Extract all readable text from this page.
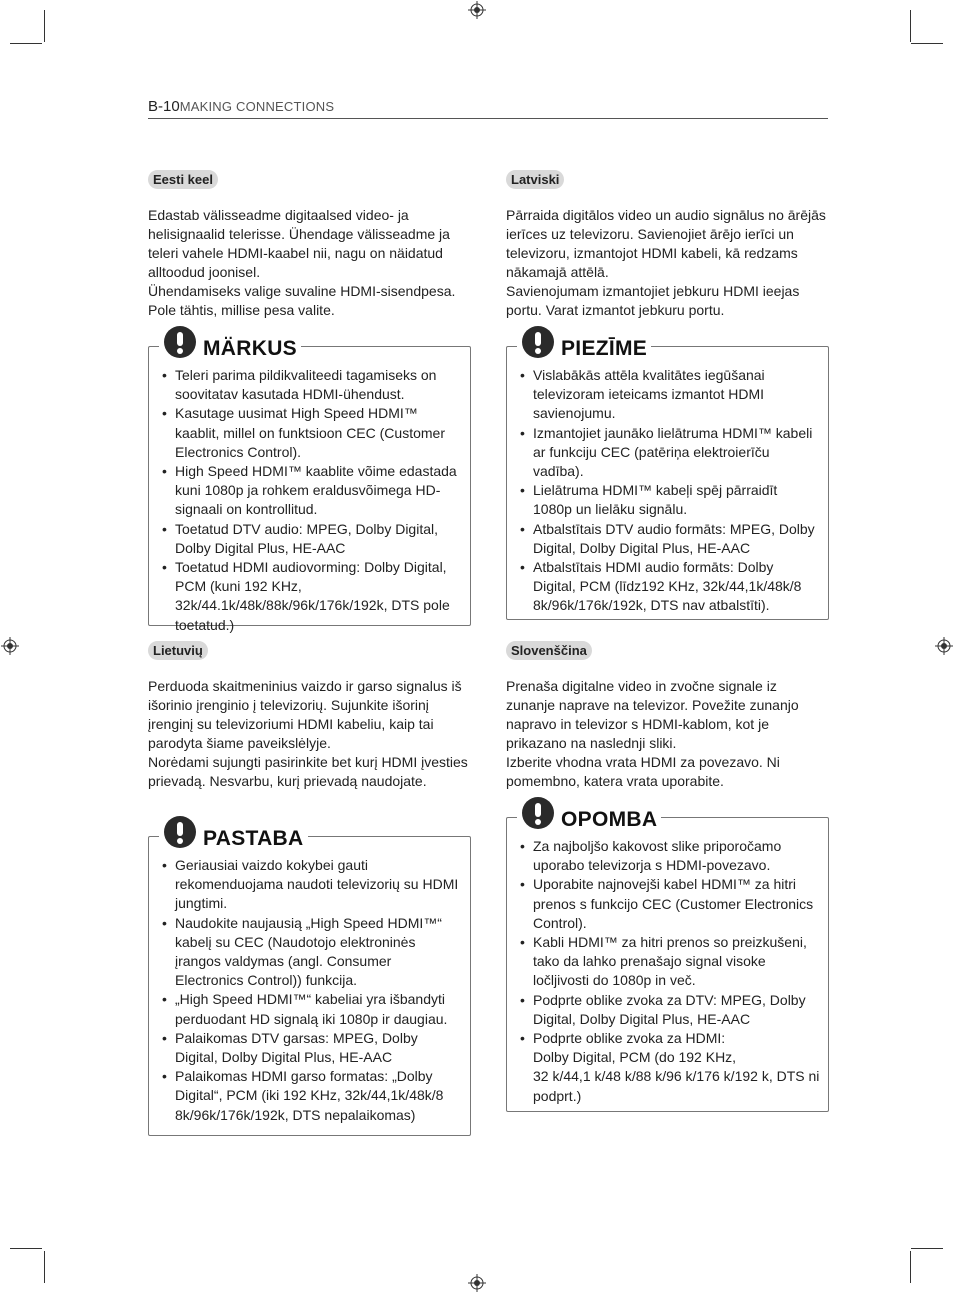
B-10MAKING CONNECTIONS
Eesti keel

Edastab välisseadme digitaalsed video- ja helisignaalid telerisse. Ühendage välisseadme ja teleri vahele HDMI-kaabel nii, nagu on näidatud alltoodud joonisel.
Ühendamiseks valige suvaline HDMI-sisendpesa. Pole tähtis, millise pesa valite.

MÄRKUS
• Teleri parima pildikvaliteedi tagamiseks on soovitatav kasutada HDMI-ühendust.
• Kasutage uusimat High Speed HDMI™ kaablit, millel on funktsioon CEC (Customer Electronics Control).
• High Speed HDMI™ kaablite võime edastada kuni 1080p ja rohkem eraldusvõimega HD-signaali on kontrollitud.
• Toetatud DTV audio: MPEG, Dolby Digital, Dolby Digital Plus, HE-AAC
• Toetatud HDMI audiovorming: Dolby Digital, PCM (kuni 192 KHz, 32k/44.1k/48k/88k/96k/176k/192k, DTS pole toetatud.)
Latviski

Pārraida digitālos video un audio signālus no ārējās ierīces uz televizoru. Savienojiet ārējo ierīci un televizoru, izmantojot HDMI kabeli, kā redzams nākamajā attēlā.
Savienojumam izmantojiet jebkuru HDMI ieejas portu. Varat izmantot jebkuru portu.

PIEZĪME
• Vislabākās attēla kvalitātes iegūšanai televizoram ieteicams izmantot HDMI savienojumu.
• Izmantojiet jaunāko lielātruma HDMI™ kabeli ar funkciju CEC (patēriņa elektroierīču vadība).
• Lielātruma HDMI™ kabeļi spēj pārraidīt 1080p un lielāku signālu.
• Atbalstītais DTV audio formāts: MPEG, Dolby Digital, Dolby Digital Plus, HE-AAC
• Atbalstītais HDMI audio formāts: Dolby Digital, PCM (līdz192 KHz, 32k/44,1k/48k/8 8k/96k/176k/192k, DTS nav atbalstīti).
Lietuvių

Perduoda skaitmeninius vaizdo ir garso signalus iš išorinio įrenginio į televizorių. Sujunkite išorinį įrenginį su televizoriumi HDMI kabeliu, kaip tai parodyta šiame paveikslėlyje.
Norėdami sujungti pasirinkite bet kurį HDMI įvesties prievadą. Nesvarbu, kurį prievadą naudojate.

PASTABA
• Geriausiai vaizdo kokybei gauti rekomenduojama naudoti televizorių su HDMI jungtimi.
• Naudokite naujausią „High Speed HDMI™“ kabelį su CEC (Naudotojo elektroninės įrangos valdymas (angl. Consumer Electronics Control)) funkcija.
• „High Speed HDMI™“ kabeliai yra išbandyti perduodant HD signalą iki 1080p ir daugiau.
• Palaikomas DTV garsas: MPEG, Dolby Digital, Dolby Digital Plus, HE-AAC
• Palaikomas HDMI garso formatas: „Dolby Digital“, PCM (iki 192 KHz, 32k/44,1k/48k/8 8k/96k/176k/192k, DTS nepalaikomas)
Slovenščina

Prenaša digitalne video in zvočne signale iz zunanje naprave na televizor. Povežite zunanjo napravo in televizor s HDMI-kablom, kot je prikazano na naslednji sliki.
Izberite vhodna vrata HDMI za povezavo. Ni pomembno, katera vrata uporabite.

OPOMBA
• Za najboljšo kakovost slike priporočamo uporabo televizorja s HDMI-povezavo.
• Uporabite najnovejši kabel HDMI™ za hitri prenos s funkcijo CEC (Customer Electronics Control).
• Kabli HDMI™ za hitri prenos so preizkušeni, tako da lahko prenašajo signal visoke ločljivosti do 1080p in več.
• Podprte oblike zvoka za DTV: MPEG, Dolby Digital, Dolby Digital Plus, HE-AAC
• Podprte oblike zvoka za HDMI:
Dolby Digital, PCM (do 192 KHz,
32 k/44,1 k/48 k/88 k/96 k/176 k/192 k, DTS ni podprt.)
